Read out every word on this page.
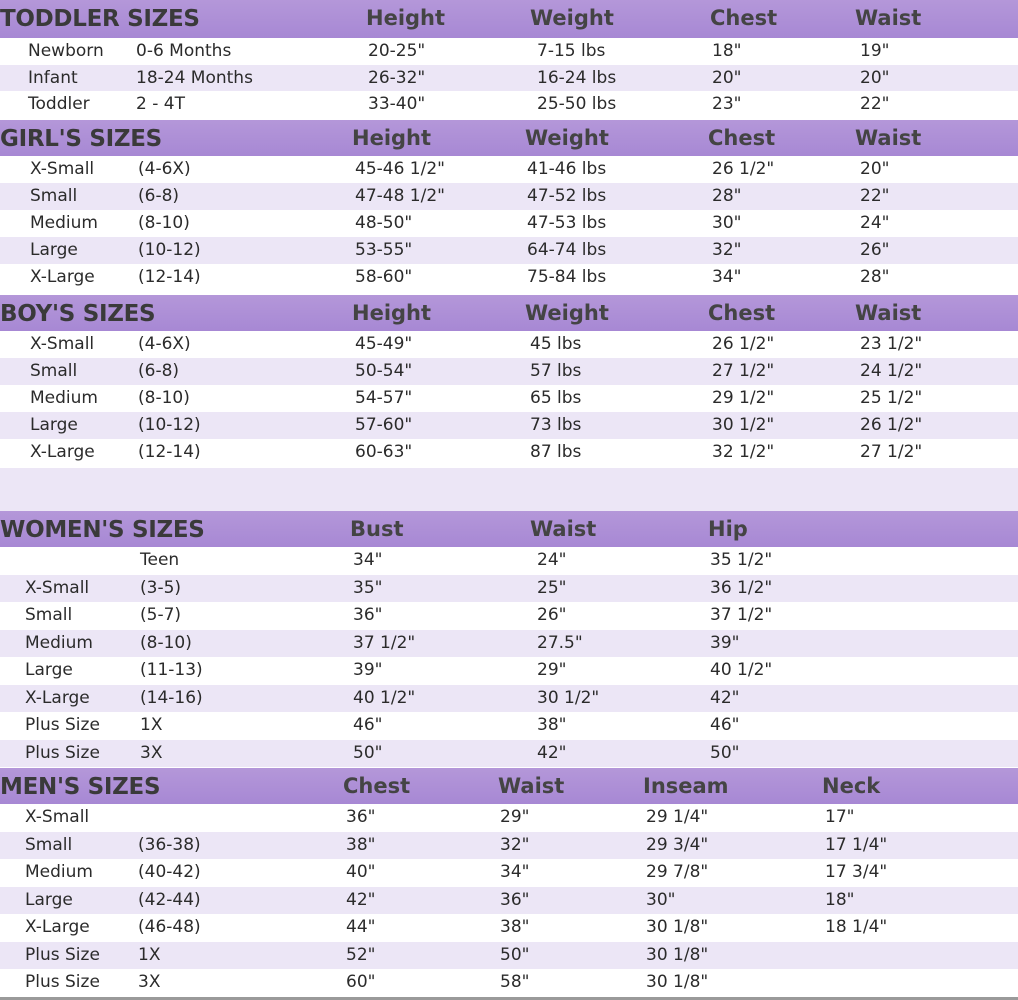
TODDLER SIZES	Height	Weight	Chest	Waist
Newborn 0-6 Months	20-25"	7-15 lbs	18"	19"
Infant	18-24 Months	26-32"	16-24 lbs	20"	20"
Toddler	2 - 4T	33-40"	25-50 lbs	23"	22"
GIRL'S SIZES	Height	Weight	Chest	Waist
X-Small	(4-6X)	45-46 1/2"	41-46 lbs	26 1/2"	20"
Small	(6-8)	47-48 1/2"	47-52 lbs	28"	22"
Medium (8-10)	48-50"	47-53 lbs	30"	24"
Large	(10-12)	53-55"	64-74 lbs	32"	26"
X-Large	(12-14)	58-60"	75-84 lbs	34"	28"
BOY'S SIZES	Height	Weight	Chest	Waist
X-Small	(4-6X)	45-49"	45 lbs	26 1/2"	23 1/2"
Small	(6-8)	50-54"	57 lbs	27 1/2"	24 1/2"
Medium (8-10)	54-57"	65 lbs	29 1/2"	25 1/2"
Large	(10-12)	57-60"	73 lbs	30 1/2"	26 1/2"
X-Large	(12-14)	60-63"	87 lbs	32 1/2"	27 1/2"
WOMEN'S SIZES	Bust	Waist	Hip
Teen	34"	24"	35 1/2"
X-Small	(3-5)	35"	25"	36 1/2"
Small	(5-7)	36"	26"	37 1/2"
Medium	(8-10)	37 1/2"	27.5"	39"
Large	(11-13)	39"	29"	40 1/2"
X-Large	(14-16)	40 1/2"	30 1/2"	42"
Plus Size 1X	46"	38"	46"
Plus Size 3X	50"	42"	50"
MEN'S SIZES	Chest	Waist	Inseam	Neck
X-Small	36"	29"	29 1/4"	17"
Small	(36-38)	38"	32"	29 3/4"	17 1/4"
Medium	(40-42)	40"	34"	29 7/8"	17 3/4"
Large	(42-44)	42"	36"	30"	18"
X-Large	(46-48)	44"	38"	30 1/8"	18 1/4"
Plus Size 1X	52"	50"	30 1/8"
Plus Size 3X	60"	58"	30 1/8"
